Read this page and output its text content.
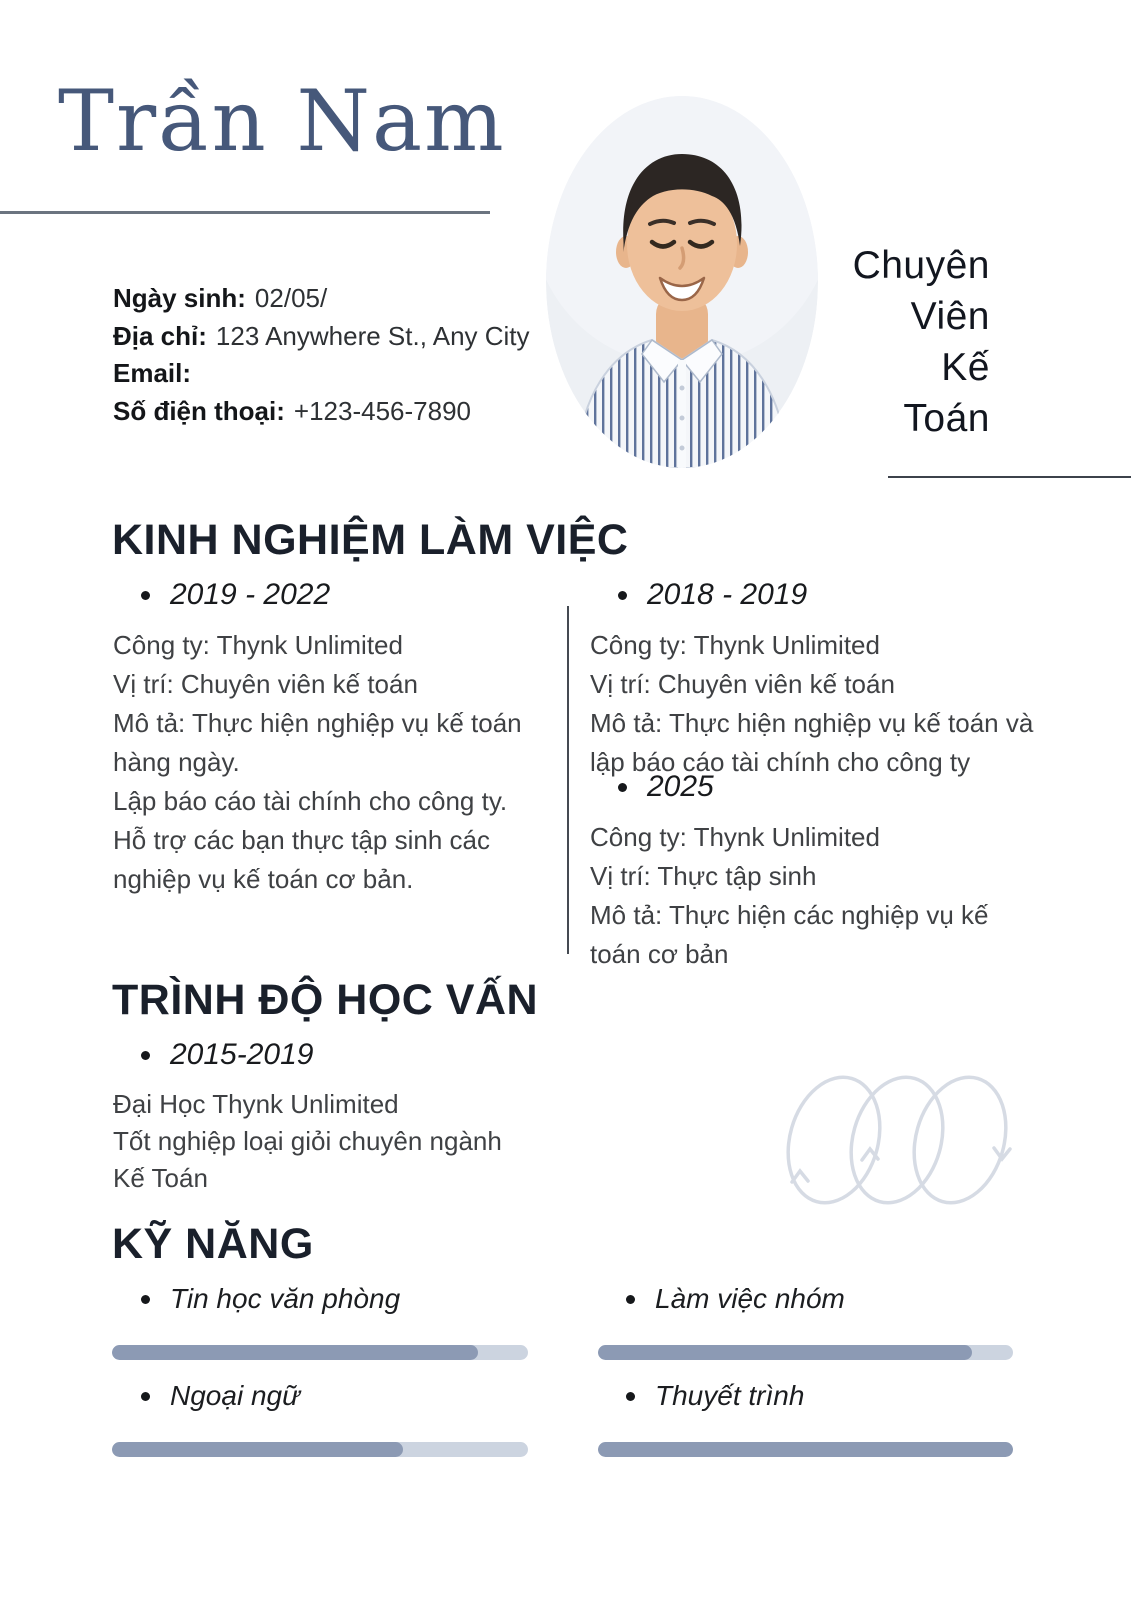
Trần Nam
Ngày sinh: 02/05/
Địa chỉ: 123 Anywhere St., Any City
Email:
Số điện thoại: +123-456-7890
Chuyên
Viên
Kế
Toán
KINH NGHIỆM LÀM VIỆC
2019 - 2022
Công ty: Thynk Unlimited
Vị trí: Chuyên viên kế toán
Mô tả: Thực hiện nghiệp vụ kế toán hàng ngày.
Lập báo cáo tài chính cho công ty.
Hỗ trợ các bạn thực tập sinh các nghiệp vụ kế toán cơ bản.
2018 - 2019
Công ty: Thynk Unlimited
Vị trí: Chuyên viên kế toán
Mô tả: Thực hiện nghiệp vụ kế toán và lập báo cáo tài chính cho công ty
2025
Công ty: Thynk Unlimited
Vị trí: Thực tập sinh
Mô tả: Thực hiện các nghiệp vụ kế toán cơ bản
TRÌNH ĐỘ HỌC VẤN
2015-2019
Đại Học Thynk Unlimited
Tốt nghiệp loại giỏi chuyên ngành
Kế Toán
KỸ NĂNG
Tin học văn phòng	Làm việc nhóm
Ngoại ngữ	Thuyết trình
